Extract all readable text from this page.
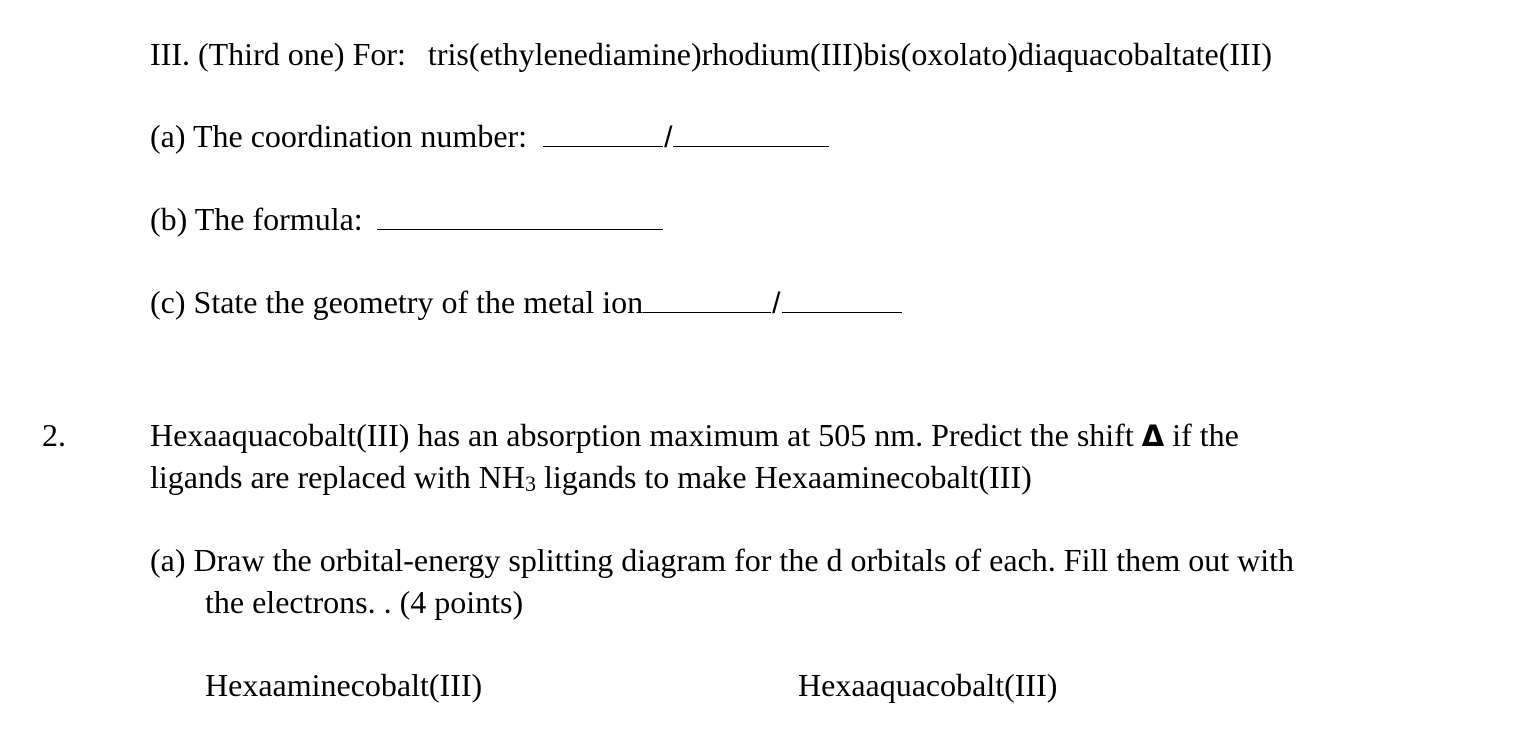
III. (Third one) For: tris(ethylenediamine)rhodium(III)bis(oxolato)diaquacobaltate(III)
(a) The coordination number:	/
(b) The formula:
(c) State the geometry of the metal ion	/
2.	Hexaaquacobalt(III) has an absorption maximum at 505 nm. Predict the shift Δ if the
ligands are replaced with NH3 ligands to make Hexaaminecobalt(III)
(a) Draw the orbital-energy splitting diagram for the d orbitals of each. Fill them out with
the electrons. . (4 points)
Hexaaminecobalt(III)	Hexaaquacobalt(III)
